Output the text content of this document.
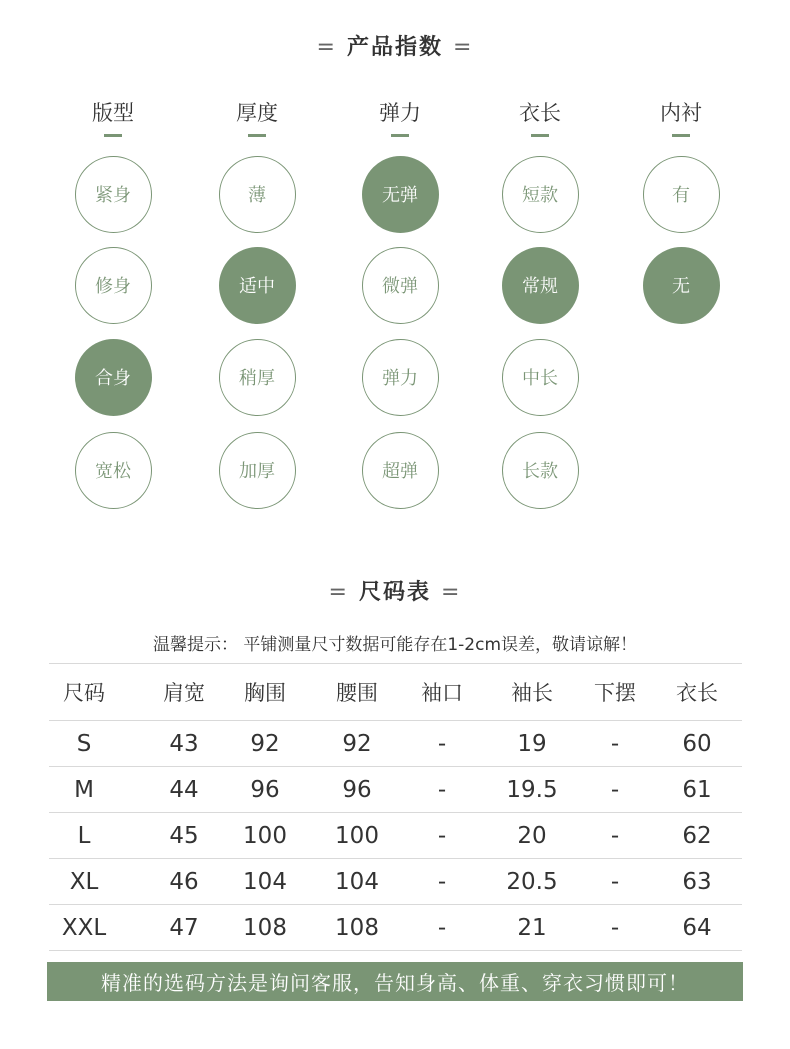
= 产品指数 =
版型
紧身
修身
合身
宽松
厚度
薄
适中
稍厚
加厚
弹力
无弹
微弹
弹力
超弹
衣长
短款
常规
中长
长款
内衬
有
无
= 尺码表 =
温馨提示： 平铺测量尺寸数据可能存在1-2cm误差，敬请谅解！
尺码	肩宽	胸围	腰围	袖口	袖长	下摆	衣长
S	43	92	92	-	19	-	60
M	44	96	96	-	19.5	-	61
L	45	100	100	-	20	-	62
XL	46	104	104	-	20.5	-	63
XXL	47	108	108	-	21	-	64
精准的选码方法是询问客服，告知身高、体重、穿衣习惯即可！
